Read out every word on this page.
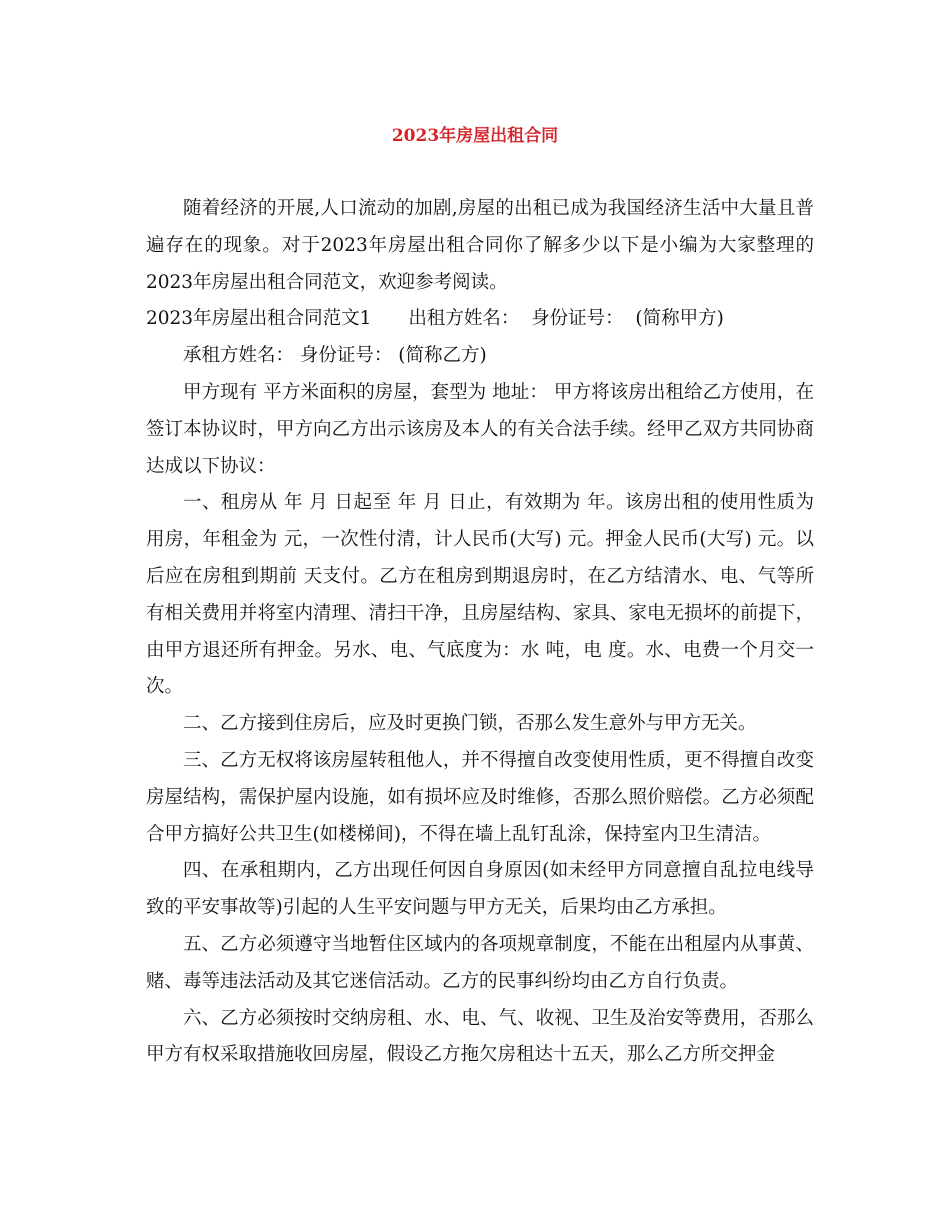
2023年房屋出租合同

随着经济的开展,人口流动的加剧,房屋的出租已成为我国经济生活中大量且普遍存在的现象。对于2023年房屋出租合同你了解多少以下是小编为大家整理的2023年房屋出租合同范文，欢迎参考阅读。

2023年房屋出租合同范文1　　出租方姓名：  身份证号：  (简称甲方)

承租方姓名： 身份证号： (简称乙方)

甲方现有 平方米面积的房屋，套型为 地址： 甲方将该房出租给乙方使用，在签订本协议时，甲方向乙方出示该房及本人的有关合法手续。经甲乙双方共同协商达成以下协议：

一、租房从 年 月 日起至 年 月 日止，有效期为 年。该房出租的使用性质为 用房，年租金为 元，一次性付清，计人民币(大写) 元。押金人民币(大写) 元。以后应在房租到期前 天支付。乙方在租房到期退房时，在乙方结清水、电、气等所有相关费用并将室内清理、清扫干净，且房屋结构、家具、家电无损坏的前提下，由甲方退还所有押金。另水、电、气底度为：水 吨，电 度。水、电费一个月交一次。

二、乙方接到住房后，应及时更换门锁，否那么发生意外与甲方无关。

三、乙方无权将该房屋转租他人，并不得擅自改变使用性质，更不得擅自改变房屋结构，需保护屋内设施，如有损坏应及时维修，否那么照价赔偿。乙方必须配合甲方搞好公共卫生(如楼梯间)，不得在墙上乱钉乱涂，保持室内卫生清洁。

四、在承租期内，乙方出现任何因自身原因(如未经甲方同意擅自乱拉电线导致的平安事故等)引起的人生平安问题与甲方无关，后果均由乙方承担。

五、乙方必须遵守当地暂住区域内的各项规章制度，不能在出租屋内从事黄、赌、毒等违法活动及其它迷信活动。乙方的民事纠纷均由乙方自行负责。

六、乙方必须按时交纳房租、水、电、气、收视、卫生及治安等费用，否那么甲方有权采取措施收回房屋，假设乙方拖欠房租达十五天，那么乙方所交押金
